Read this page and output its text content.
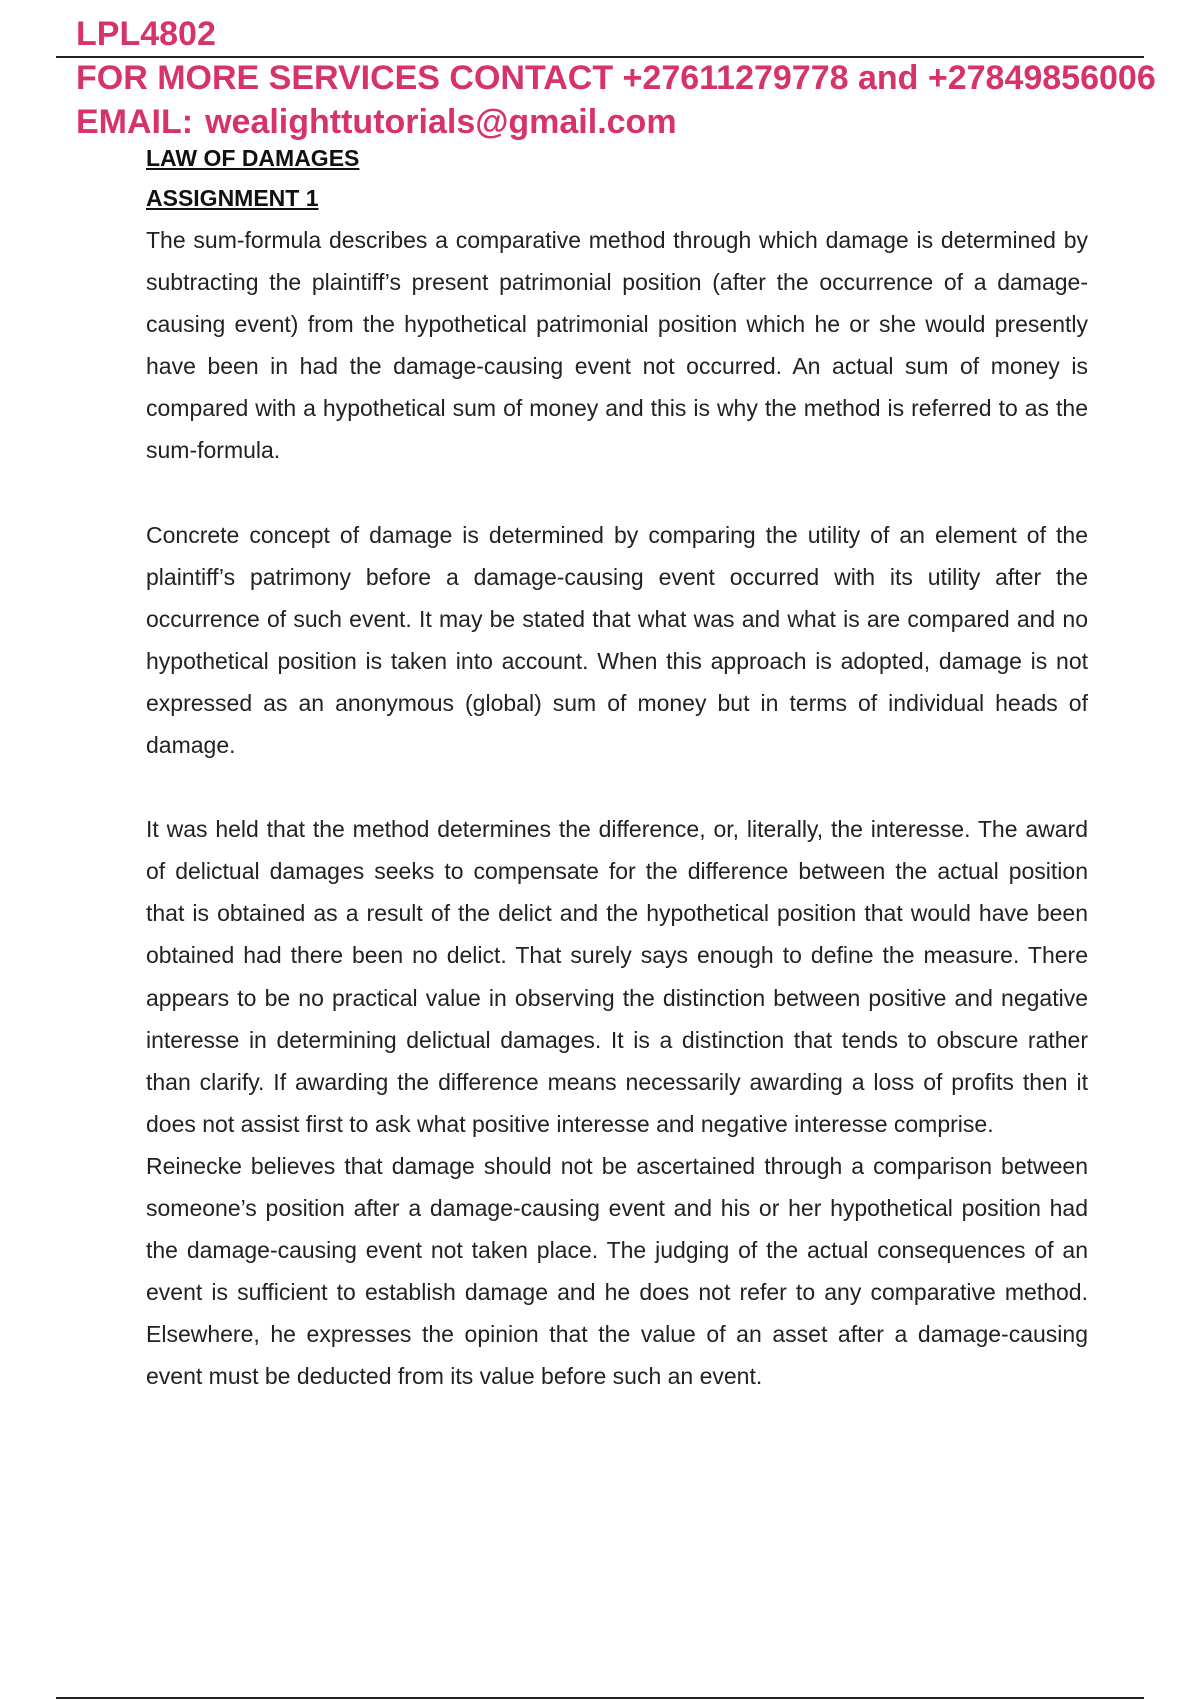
LPL4802
FOR MORE SERVICES CONTACT +27611279778 and +27849856006
EMAIL: wealighttutorials@gmail.com
LAW OF DAMAGES
ASSIGNMENT 1

The sum-formula describes a comparative method through which damage is determined by subtracting the plaintiff’s present patrimonial position (after the occurrence of a damage-causing event) from the hypothetical patrimonial position which he or she would presently have been in had the damage-causing event not occurred. An actual sum of money is compared with a hypothetical sum of money and this is why the method is referred to as the sum-formula.

Concrete concept of damage is determined by comparing the utility of an element of the plaintiff’s patrimony before a damage-causing event occurred with its utility after the occurrence of such event. It may be stated that what was and what is are compared and no hypothetical position is taken into account. When this approach is adopted, damage is not expressed as an anonymous (global) sum of money but in terms of individual heads of damage.

It was held that the method determines the difference, or, literally, the interesse. The award of delictual damages seeks to compensate for the difference between the actual position that is obtained as a result of the delict and the hypothetical position that would have been obtained had there been no delict. That surely says enough to define the measure. There appears to be no practical value in observing the distinction between positive and negative interesse in determining delictual damages. It is a distinction that tends to obscure rather than clarify. If awarding the difference means necessarily awarding a loss of profits then it does not assist first to ask what positive interesse and negative interesse comprise.

Reinecke believes that damage should not be ascertained through a comparison between someone’s position after a damage-causing event and his or her hypothetical position had the damage-causing event not taken place. The judging of the actual consequences of an event is sufficient to establish damage and he does not refer to any comparative method. Elsewhere, he expresses the opinion that the value of an asset after a damage-causing event must be deducted from its value before such an event.
